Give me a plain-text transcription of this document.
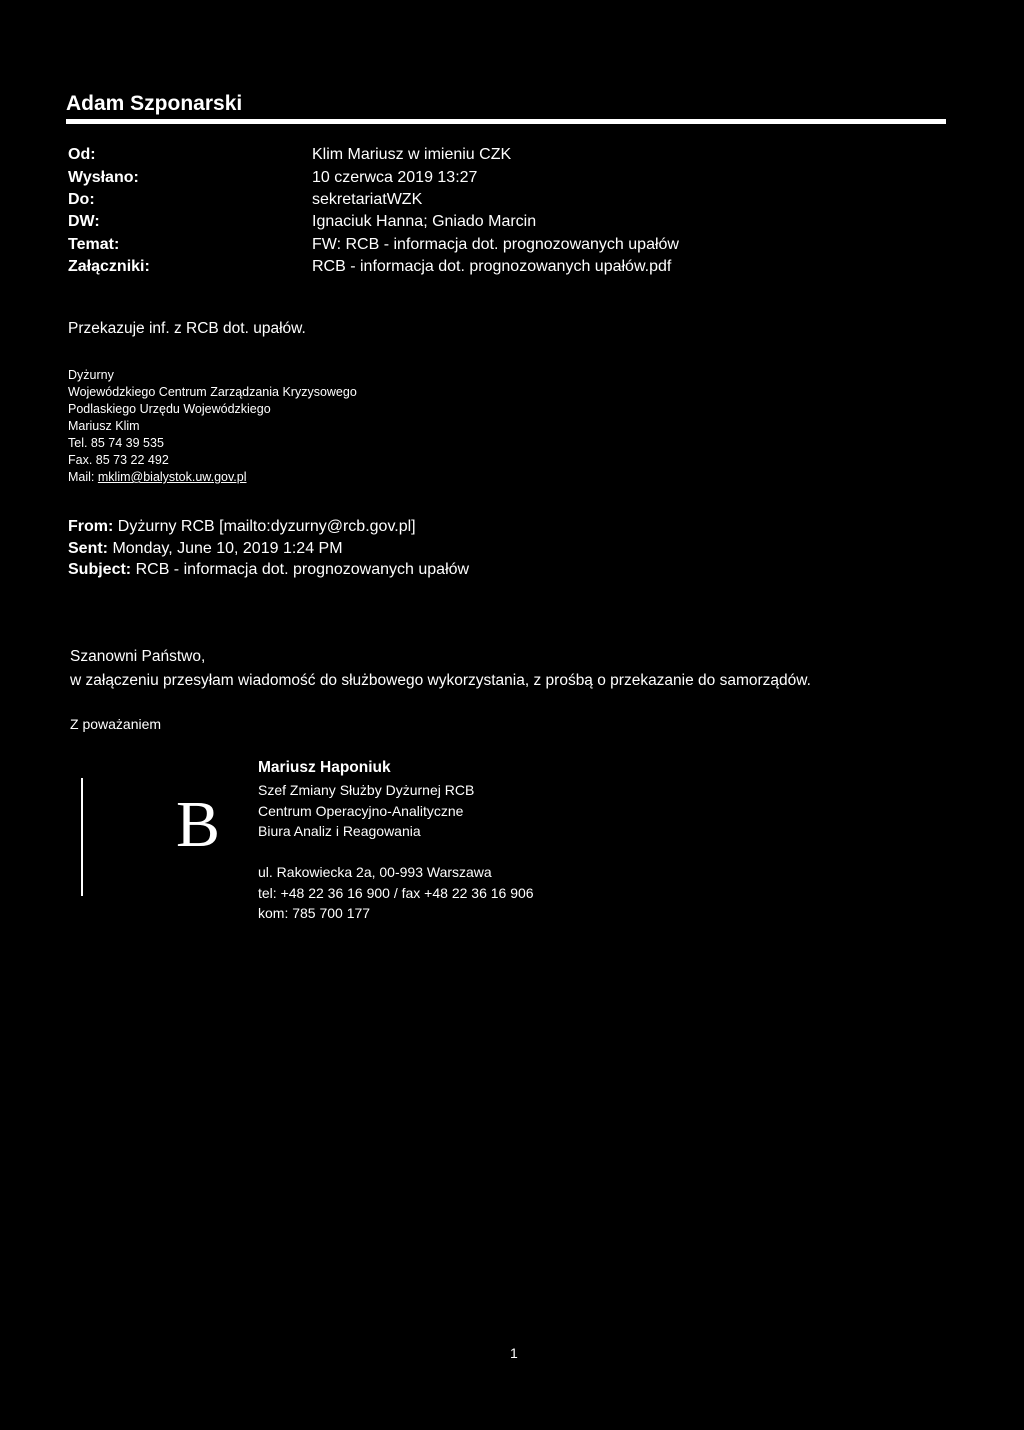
Adam Szponarski
Od:	Klim Mariusz w imieniu CZK
Wysłano:	10 czerwca 2019 13:27
Do:	sekretariatWZK
DW:	Ignaciuk Hanna; Gniado Marcin
Temat:	FW: RCB - informacja dot. prognozowanych upałów
Załączniki:	RCB - informacja dot. prognozowanych upałów.pdf
Przekazuje inf. z RCB dot. upałów.
Dyżurny
Wojewódzkiego Centrum Zarządzania Kryzysowego
Podlaskiego Urzędu Wojewódzkiego
Mariusz Klim
Tel. 85 74 39 535
Fax. 85 73 22 492
Mail: mklim@bialystok.uw.gov.pl
From: Dyżurny RCB [mailto:dyzurny@rcb.gov.pl]
Sent: Monday, June 10, 2019 1:24 PM
Subject: RCB - informacja dot. prognozowanych upałów
Szanowni Państwo,
w załączeniu przesyłam wiadomość do służbowego wykorzystania, z prośbą o przekazanie do samorządów.
Z poważaniem
B
Mariusz Haponiuk
Szef Zmiany Służby Dyżurnej RCB
Centrum Operacyjno-Analityczne
Biura Analiz i Reagowania
ul. Rakowiecka 2a, 00-993 Warszawa
tel: +48 22 36 16 900 / fax +48 22 36 16 906
kom: 785 700 177
1
